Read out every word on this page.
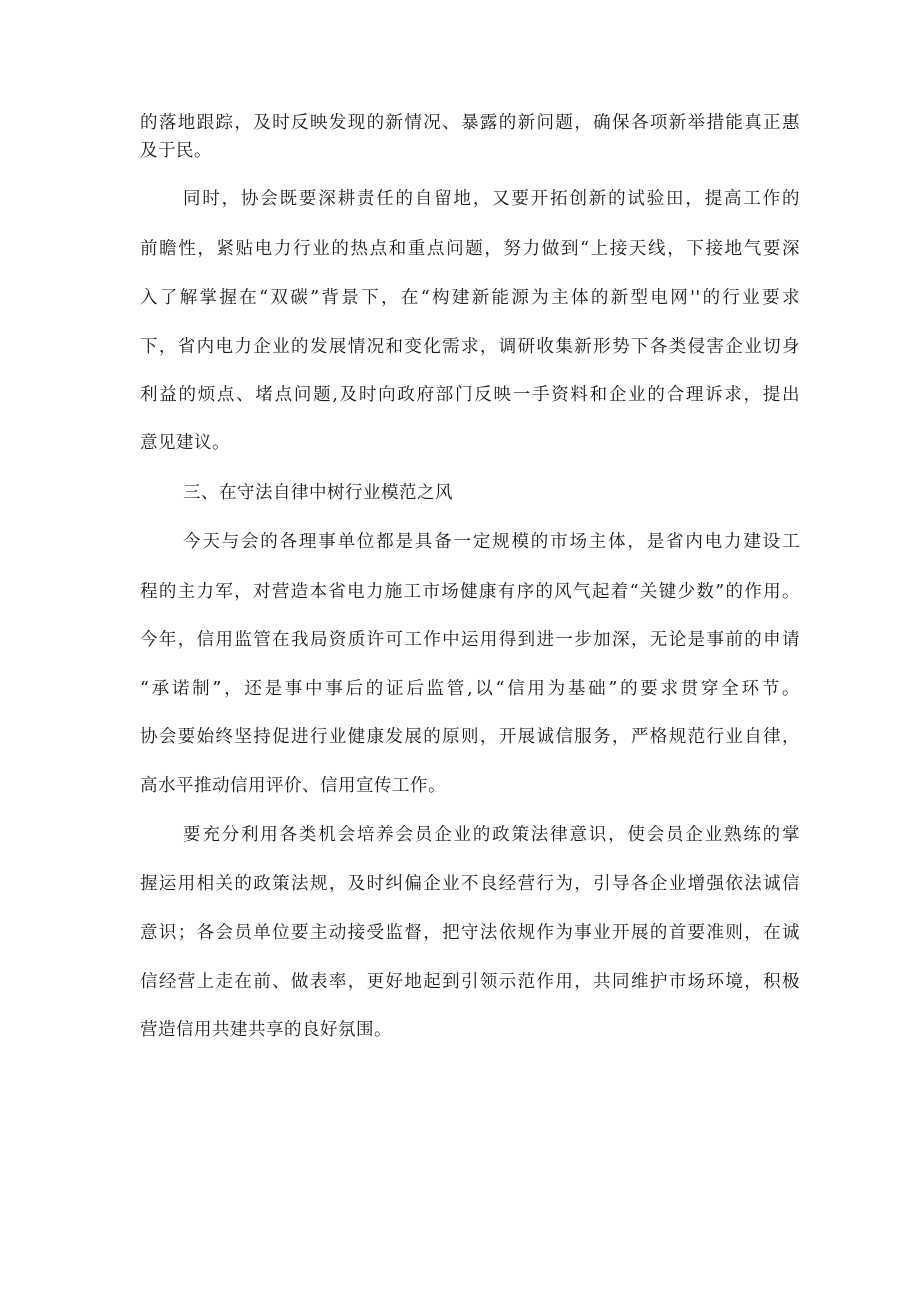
的落地跟踪，及时反映发现的新情况、暴露的新问题，确保各项新举措能真正惠
及于民。
同时，协会既要深耕责任的自留地，又要开拓创新的试验田，提高工作的
前瞻性，紧贴电力行业的热点和重点问题，努力做到“上接天线，下接地气要深
入了解掌握在“双碳”背景下，在“构建新能源为主体的新型电网''的行业要求
下，省内电力企业的发展情况和变化需求，调研收集新形势下各类侵害企业切身
利益的烦点、堵点问题,及时向政府部门反映一手资料和企业的合理诉求，提出
意见建议。
三、在守法自律中树行业模范之风
今天与会的各理事单位都是具备一定规模的市场主体，是省内电力建设工
程的主力军，对营造本省电力施工市场健康有序的风气起着“关键少数”的作用。
今年，信用监管在我局资质许可工作中运用得到进一步加深，无论是事前的申请
“承诺制”，还是事中事后的证后监管,以“信用为基础”的要求贯穿全环节。
协会要始终坚持促进行业健康发展的原则，开展诚信服务，严格规范行业自律，
高水平推动信用评价、信用宣传工作。
要充分利用各类机会培养会员企业的政策法律意识，使会员企业熟练的掌
握运用相关的政策法规，及时纠偏企业不良经营行为，引导各企业增强依法诚信
意识；各会员单位要主动接受监督，把守法依规作为事业开展的首要准则，在诚
信经营上走在前、做表率，更好地起到引领示范作用，共同维护市场环境，积极
营造信用共建共享的良好氛围。
